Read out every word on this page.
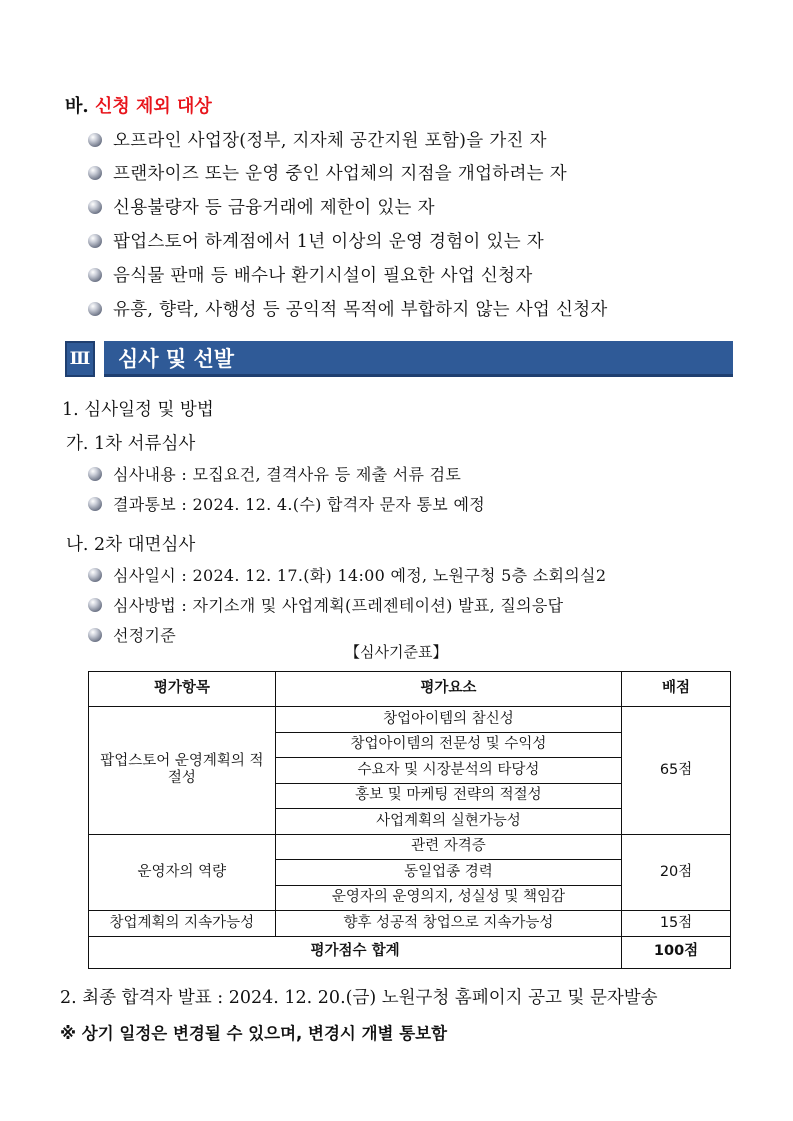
바. 신청 제외 대상
오프라인 사업장(정부, 지자체 공간지원 포함)을 가진 자
프랜차이즈 또는 운영 중인 사업체의 지점을 개업하려는 자
신용불량자 등 금융거래에 제한이 있는 자
팝업스토어 하계점에서 1년 이상의 운영 경험이 있는 자
음식물 판매 등 배수나 환기시설이 필요한 사업 신청자
유흥, 향락, 사행성 등 공익적 목적에 부합하지 않는 사업 신청자
Ⅲ 심사 및 선발
1. 심사일정 및 방법
가. 1차 서류심사
심사내용 : 모집요건, 결격사유 등 제출 서류 검토
결과통보 : 2024. 12. 4.(수) 합격자 문자 통보 예정
나. 2차 대면심사
심사일시 : 2024. 12. 17.(화) 14:00 예정, 노원구청 5층 소회의실2
심사방법 : 자기소개 및 사업계획(프레젠테이션) 발표, 질의응답
선정기준
【심사기준표】
평가항목	평가요소	배점
팝업스토어 운영계획의 적절성	창업아이템의 참신성	65점
	창업아이템의 전문성 및 수익성	
	수요자 및 시장분석의 타당성	
	홍보 및 마케팅 전략의 적절성	
	사업계획의 실현가능성	
운영자의 역량	관련 자격증	20점
	동일업종 경력	
	운영자의 운영의지, 성실성 및 책임감	
창업계획의 지속가능성	향후 성공적 창업으로 지속가능성	15점
평가점수 합계		100점
2. 최종 합격자 발표 : 2024. 12. 20.(금) 노원구청 홈페이지 공고 및 문자발송
※ 상기 일정은 변경될 수 있으며, 변경시 개별 통보함
